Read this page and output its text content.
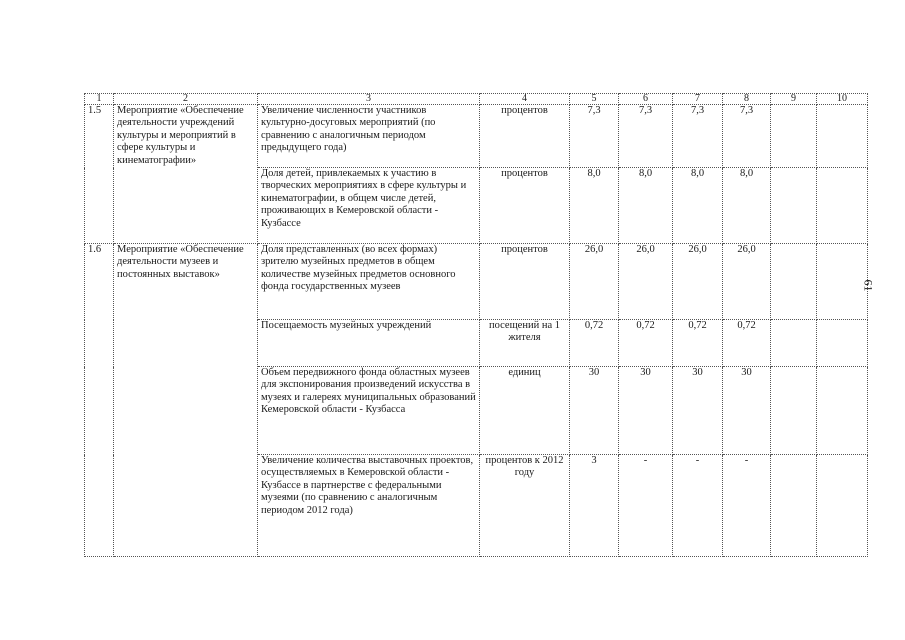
61
1	2	3	4	5	6	7	8	9	10
1.5	Мероприятие «Обеспечение деятельности учреждений культуры и мероприятий в сфере культуры и кинематографии»	Увеличение численности участников культурно-досуговых мероприятий (по сравнению с аналогичным периодом предыдущего года)	процентов	7,3	7,3	7,3	7,3		
		Доля детей, привлекаемых к участию в творческих мероприятиях в сфере культуры и кинематографии, в общем числе детей, проживающих в Кемеровской области - Кузбассе	процентов	8,0	8,0	8,0	8,0		
1.6	Мероприятие «Обеспечение деятельности музеев и постоянных выставок»	Доля представленных (во всех формах) зрителю музейных предметов в общем количестве музейных предметов основного фонда государственных музеев	процентов	26,0	26,0	26,0	26,0		
		Посещаемость музейных учреждений	посещений на 1 жителя	0,72	0,72	0,72	0,72		
		Объем передвижного фонда областных музеев для экспонирования произведений искусства в музеях и галереях муниципальных образований Кемеровской области - Кузбасса	единиц	30	30	30	30		
		Увеличение количества выставочных проектов, осуществляемых в Кемеровской области - Кузбассе в партнерстве с федеральными музеями (по сравнению с аналогичным периодом 2012 года)	процентов к 2012 году	3	-	-	-		
